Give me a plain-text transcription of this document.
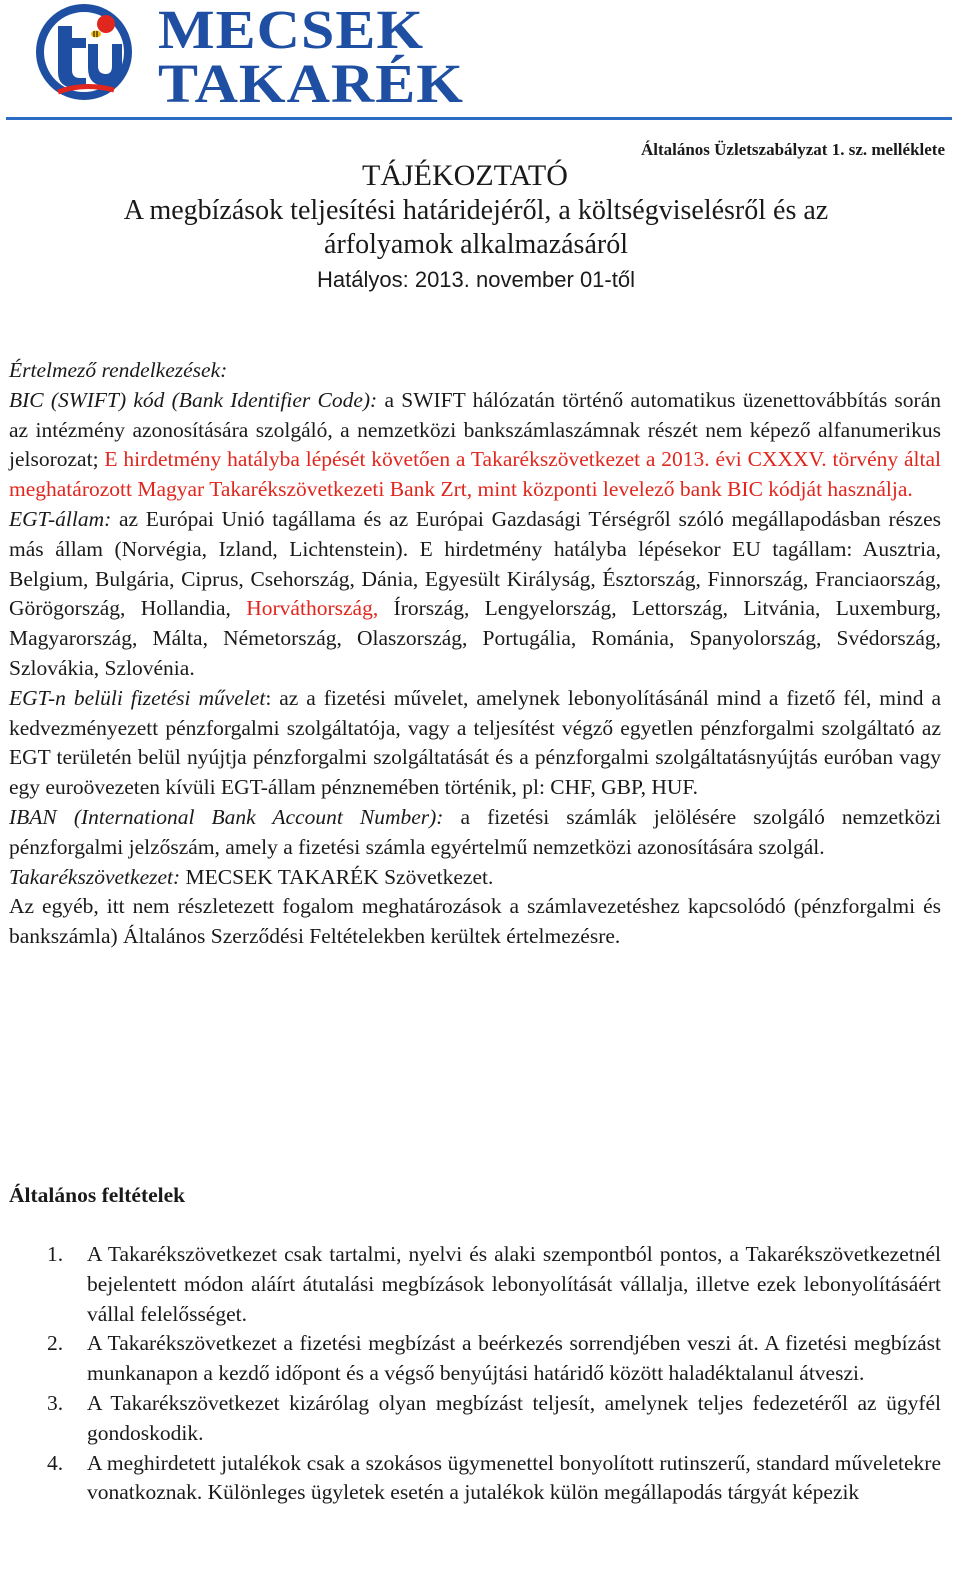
MECSEK
TAKARÉK
Általános Üzletszabályzat 1. sz. melléklete
TÁJÉKOZTATÓ
A megbízások teljesítési határidejéről, a költségviselésről és az
árfolyamok alkalmazásáról
Hatályos: 2013. november 01-től

Értelmező rendelkezések:

BIC (SWIFT) kód (Bank Identifier Code): a SWIFT hálózatán történő automatikus üzenettovábbítás során az intézmény azonosítására szolgáló, a nemzetközi bankszámlaszámnak részét nem képező alfanumerikus jelsorozat; E hirdetmény hatályba lépését követően a Takarékszövetkezet a 2013. évi CXXXV. törvény által meghatározott Magyar Takarékszövetkezeti Bank Zrt, mint központi levelező bank BIC kódját használja.

EGT-állam: az Európai Unió tagállama és az Európai Gazdasági Térségről szóló megállapodásban részes más állam (Norvégia, Izland, Lichtenstein). E hirdetmény hatályba lépésekor EU tagállam: Ausztria, Belgium, Bulgária, Ciprus, Csehország, Dánia, Egyesült Királyság, Észtország, Finnország, Franciaország, Görögország, Hollandia, Horváthország, Írország, Lengyelország, Lettország, Litvánia, Luxemburg, Magyarország, Málta, Németország, Olaszország, Portugália, Románia, Spanyolország, Svédország, Szlovákia, Szlovénia.

EGT-n belüli fizetési művelet: az a fizetési művelet, amelynek lebonyolításánál mind a fizető fél, mind a kedvezményezett pénzforgalmi szolgáltatója, vagy a teljesítést végző egyetlen pénzforgalmi szolgáltató az EGT területén belül nyújtja pénzforgalmi szolgáltatását és a pénzforgalmi szolgáltatásnyújtás euróban vagy egy euroövezeten kívüli EGT-állam pénznemében történik, pl: CHF, GBP, HUF.

IBAN (International Bank Account Number): a fizetési számlák jelölésére szolgáló nemzetközi pénzforgalmi jelzőszám, amely a fizetési számla egyértelmű nemzetközi azonosítására szolgál.

Takarékszövetkezet: MECSEK TAKARÉK Szövetkezet.

Az egyéb, itt nem részletezett fogalom meghatározások a számlavezetéshez kapcsolódó (pénzforgalmi és bankszámla) Általános Szerződési Feltételekben kerültek értelmezésre.

Általános feltételek
1. A Takarékszövetkezet csak tartalmi, nyelvi és alaki szempontból pontos, a Takarékszövetkezetnél bejelentett módon aláírt átutalási megbízások lebonyolítását vállalja, illetve ezek lebonyolításáért vállal felelősséget.
2. A Takarékszövetkezet a fizetési megbízást a beérkezés sorrendjében veszi át. A fizetési megbízást munkanapon a kezdő időpont és a végső benyújtási határidő között haladéktalanul átveszi.
3. A Takarékszövetkezet kizárólag olyan megbízást teljesít, amelynek teljes fedezetéről az ügyfél gondoskodik.
4. A meghirdetett jutalékok csak a szokásos ügymenettel bonyolított rutinszerű, standard műveletekre vonatkoznak. Különleges ügyletek esetén a jutalékok külön megállapodás tárgyát képezik
